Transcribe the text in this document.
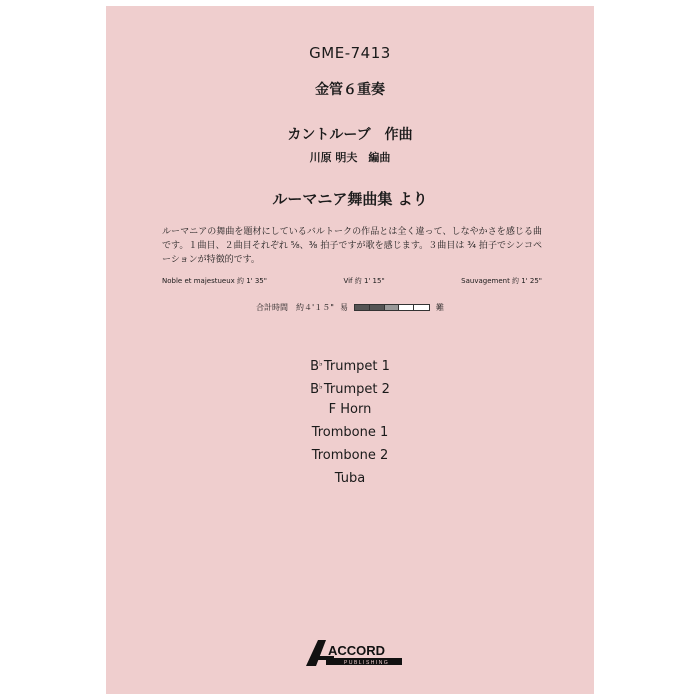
GME-7413
金管６重奏
カントルーブ　作曲
川原 明夫　編曲
ルーマニア舞曲集 より
ルーマニアの舞曲を題材にしているバルトークの作品とは全く違って、しなやかさを感じる曲です。１曲目、２曲目それぞれ ⁵⁄₈、³⁄₈ 拍子ですが歌を感じます。３曲目は ³⁄₄ 拍子でシンコペーションが特徴的です。
Noble et majestueux 約 1' 35"	Vif 約 1' 15"	Sauvagement 約 1' 25"
合計時間　約４'１５" 易	難
B♭Trumpet 1
B♭Trumpet 2
F Horn
Trombone 1
Trombone 2
Tuba
ACCORD
PUBLISHING
